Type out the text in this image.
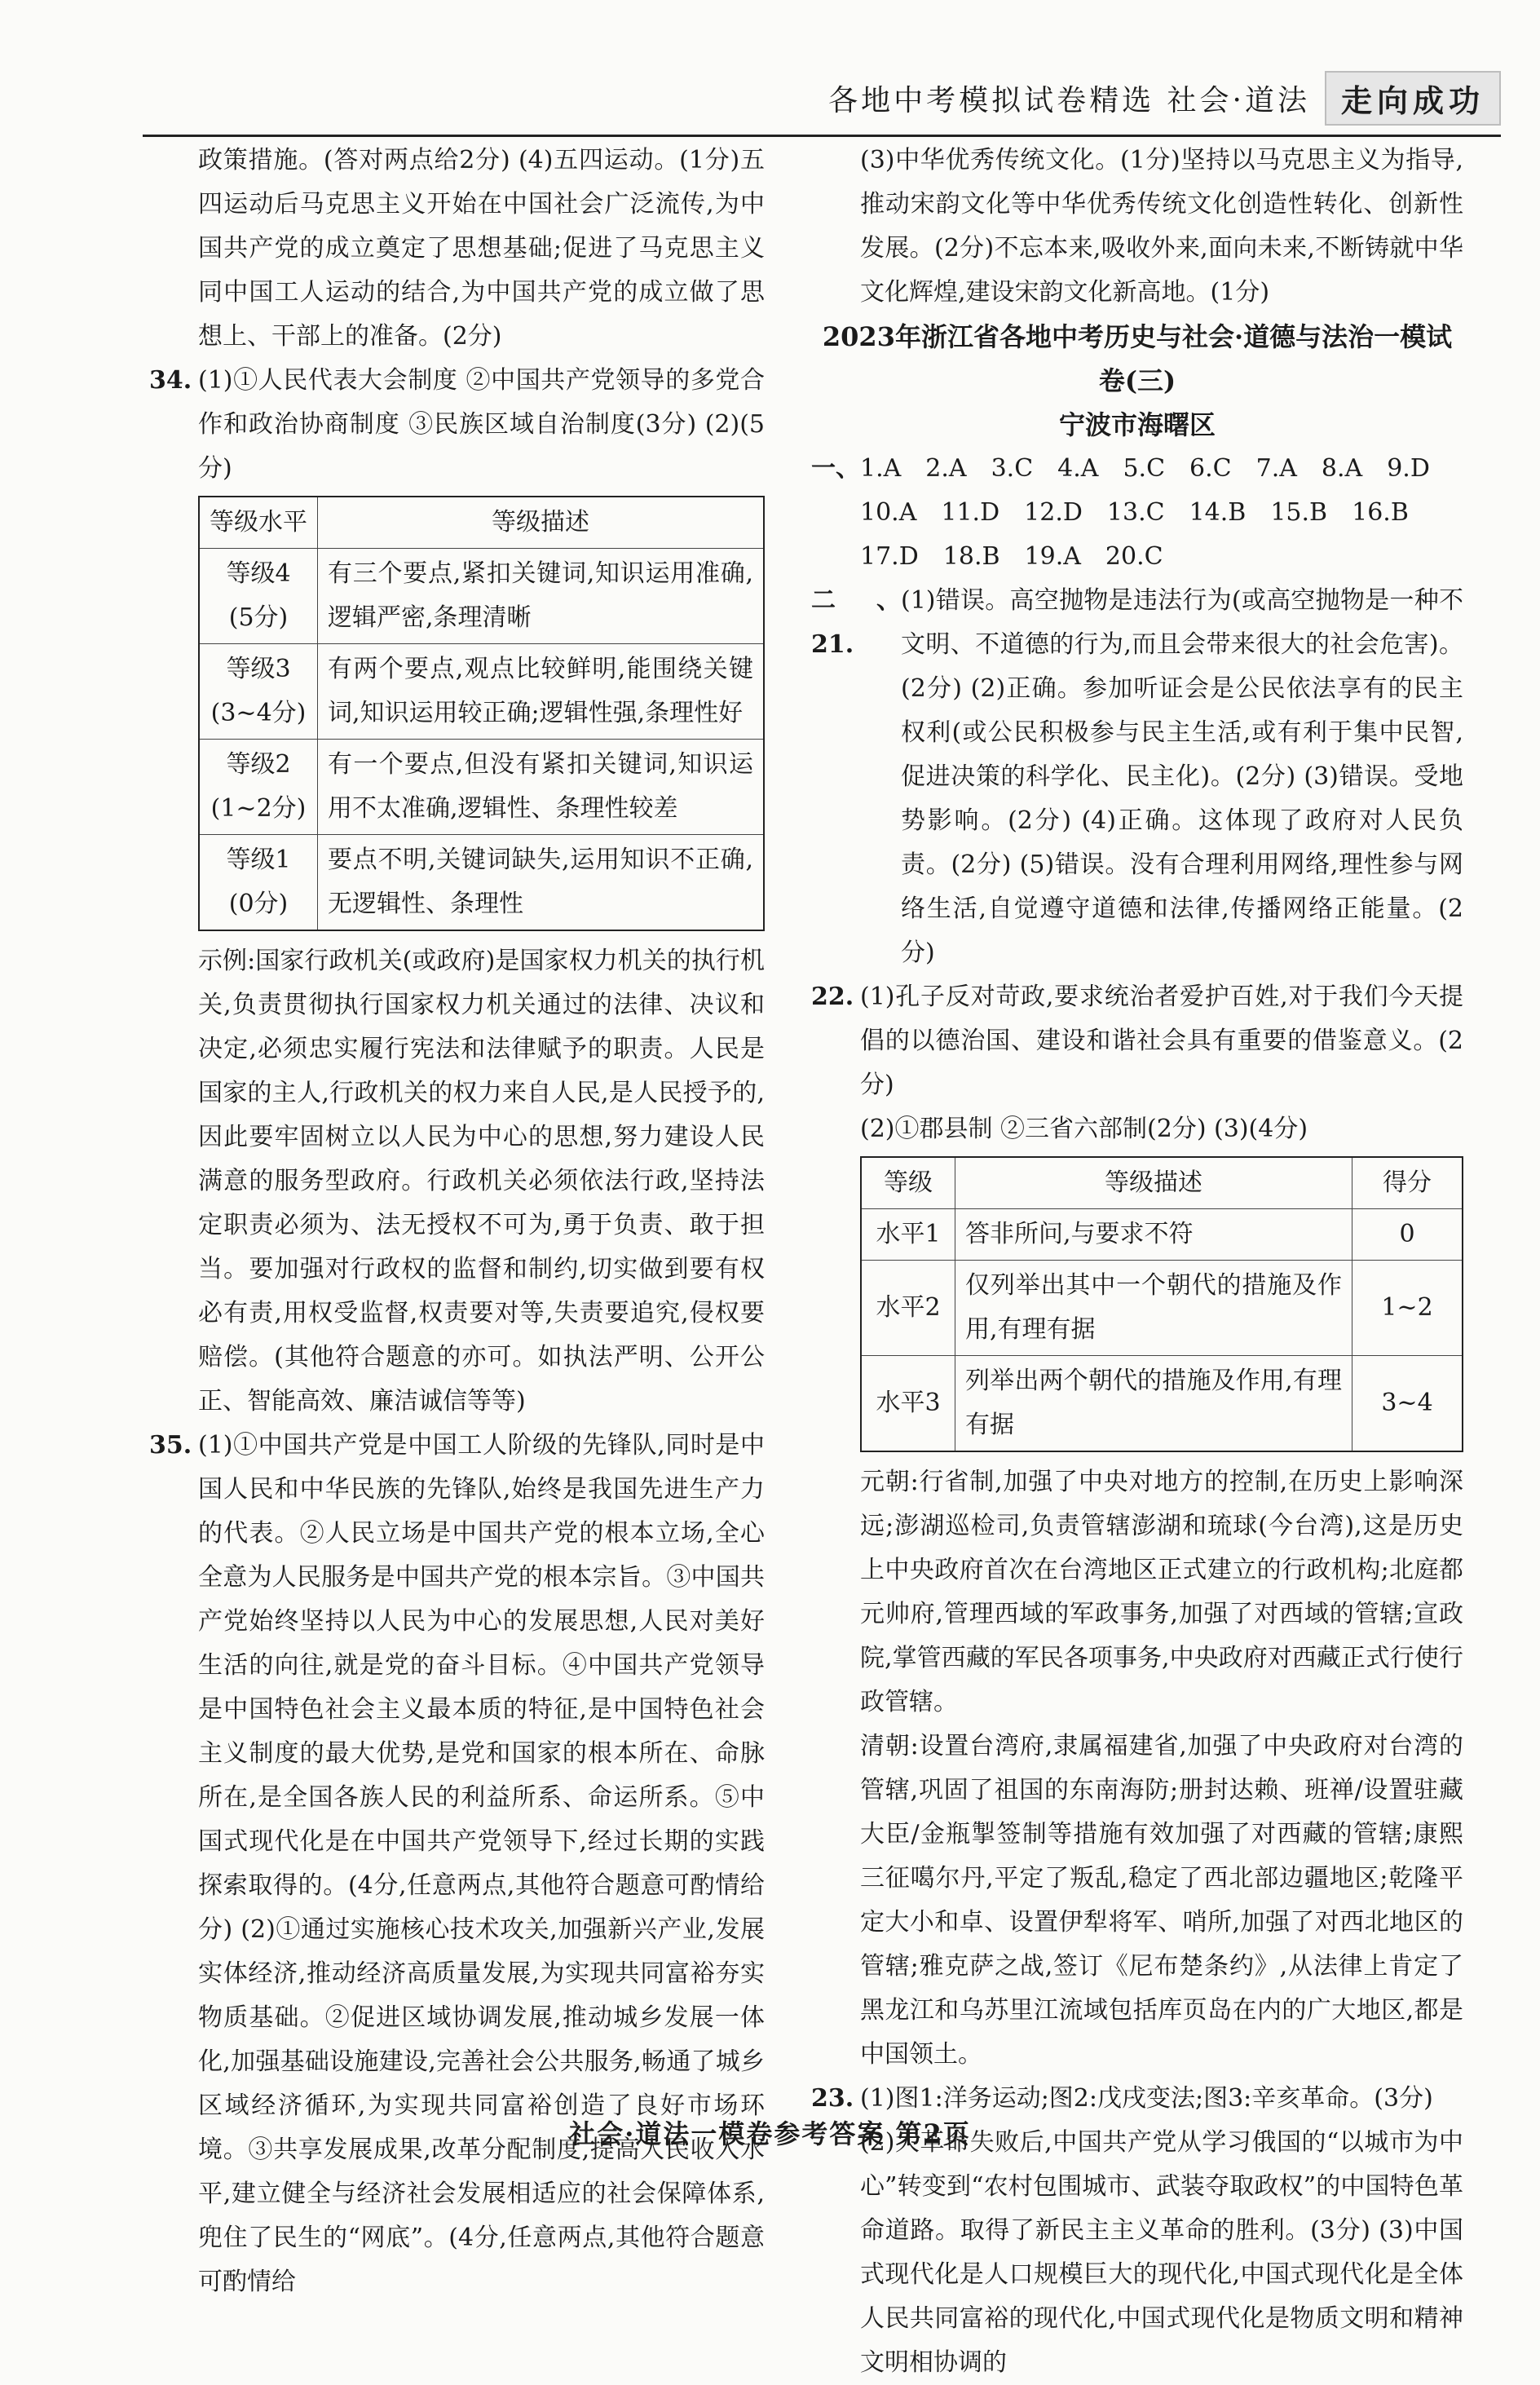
各地中考模拟试卷精选 社会·道法	走向成功

政策措施。(答对两点给2分) (4)五四运动。(1分)五四运动后马克思主义开始在中国社会广泛流传,为中国共产党的成立奠定了思想基础;促进了马克思主义同中国工人运动的结合,为中国共产党的成立做了思想上、干部上的准备。(2分)

34. (1)①人民代表大会制度 ②中国共产党领导的多党合作和政治协商制度 ③民族区域自治制度(3分) (2)(5分)

等级水平	等级描述
等级4
(5分)	有三个要点,紧扣关键词,知识运用准确,逻辑严密,条理清晰
等级3
(3~4分)	有两个要点,观点比较鲜明,能围绕关键词,知识运用较正确;逻辑性强,条理性好
等级2
(1~2分)	有一个要点,但没有紧扣关键词,知识运用不太准确,逻辑性、条理性较差
等级1
(0分)	要点不明,关键词缺失,运用知识不正确,无逻辑性、条理性

示例:国家行政机关(或政府)是国家权力机关的执行机关,负责贯彻执行国家权力机关通过的法律、决议和决定,必须忠实履行宪法和法律赋予的职责。人民是国家的主人,行政机关的权力来自人民,是人民授予的,因此要牢固树立以人民为中心的思想,努力建设人民满意的服务型政府。行政机关必须依法行政,坚持法定职责必须为、法无授权不可为,勇于负责、敢于担当。要加强对行政权的监督和制约,切实做到要有权必有责,用权受监督,权责要对等,失责要追究,侵权要赔偿。(其他符合题意的亦可。如执法严明、公开公正、智能高效、廉洁诚信等等)

35. (1)①中国共产党是中国工人阶级的先锋队,同时是中国人民和中华民族的先锋队,始终是我国先进生产力的代表。②人民立场是中国共产党的根本立场,全心全意为人民服务是中国共产党的根本宗旨。③中国共产党始终坚持以人民为中心的发展思想,人民对美好生活的向往,就是党的奋斗目标。④中国共产党领导是中国特色社会主义最本质的特征,是中国特色社会主义制度的最大优势,是党和国家的根本所在、命脉所在,是全国各族人民的利益所系、命运所系。⑤中国式现代化是在中国共产党领导下,经过长期的实践探索取得的。(4分,任意两点,其他符合题意可酌情给分) (2)①通过实施核心技术攻关,加强新兴产业,发展实体经济,推动经济高质量发展,为实现共同富裕夯实物质基础。②促进区域协调发展,推动城乡发展一体化,加强基础设施建设,完善社会公共服务,畅通了城乡区域经济循环,为实现共同富裕创造了良好市场环境。③共享发展成果,改革分配制度,提高人民收入水平,建立健全与经济社会发展相适应的社会保障体系,兜住了民生的“网底”。(4分,任意两点,其他符合题意可酌情给

(3)中华优秀传统文化。(1分)坚持以马克思主义为指导,推动宋韵文化等中华优秀传统文化创造性转化、创新性发展。(2分)不忘本来,吸收外来,面向未来,不断铸就中华文化辉煌,建设宋韵文化新高地。(1分)

2023年浙江省各地中考历史与社会·道德与法治一模试卷(三)

宁波市海曙区

一、 1.A 2.A 3.C 4.A 5.C 6.C 7.A 8.A 9.D
10.A 11.D 12.D 13.C 14.B 15.B 16.B
17.D 18.B 19.A 20.C
二、21.

(1)错误。高空抛物是违法行为(或高空抛物是一种不文明、不道德的行为,而且会带来很大的社会危害)。(2分) (2)正确。参加听证会是公民依法享有的民主权利(或公民积极参与民主生活,或有利于集中民智,促进决策的科学化、民主化)。(2分) (3)错误。受地势影响。(2分) (4)正确。这体现了政府对人民负责。(2分) (5)错误。没有合理利用网络,理性参与网络生活,自觉遵守道德和法律,传播网络正能量。(2分)

22. (1)孔子反对苛政,要求统治者爱护百姓,对于我们今天提倡的以德治国、建设和谐社会具有重要的借鉴意义。(2分)

(2)①郡县制 ②三省六部制(2分) (3)(4分)

等级	等级描述	得分
水平1	答非所问,与要求不符	0
水平2	仅列举出其中一个朝代的措施及作用,有理有据	1~2
水平3	列举出两个朝代的措施及作用,有理有据	3~4

元朝:行省制,加强了中央对地方的控制,在历史上影响深远;澎湖巡检司,负责管辖澎湖和琉球(今台湾),这是历史上中央政府首次在台湾地区正式建立的行政机构;北庭都元帅府,管理西域的军政事务,加强了对西域的管辖;宣政院,掌管西藏的军民各项事务,中央政府对西藏正式行使行政管辖。

清朝:设置台湾府,隶属福建省,加强了中央政府对台湾的管辖,巩固了祖国的东南海防;册封达赖、班禅/设置驻藏大臣/金瓶掣签制等措施有效加强了对西藏的管辖;康熙三征噶尔丹,平定了叛乱,稳定了西北部边疆地区;乾隆平定大小和卓、设置伊犁将军、哨所,加强了对西北地区的管辖;雅克萨之战,签订《尼布楚条约》,从法律上肯定了黑龙江和乌苏里江流域包括库页岛在内的广大地区,都是中国领土。

23. (1)图1:洋务运动;图2:戊戌变法;图3:辛亥革命。(3分)

(2)大革命失败后,中国共产党从学习俄国的“以城市为中心”转变到“农村包围城市、武装夺取政权”的中国特色革命道路。取得了新民主主义革命的胜利。(3分) (3)中国式现代化是人口规模巨大的现代化,中国式现代化是全体人民共同富裕的现代化,中国式现代化是物质文明和精神文明相协调的

社会·道法一模卷参考答案 第2页
